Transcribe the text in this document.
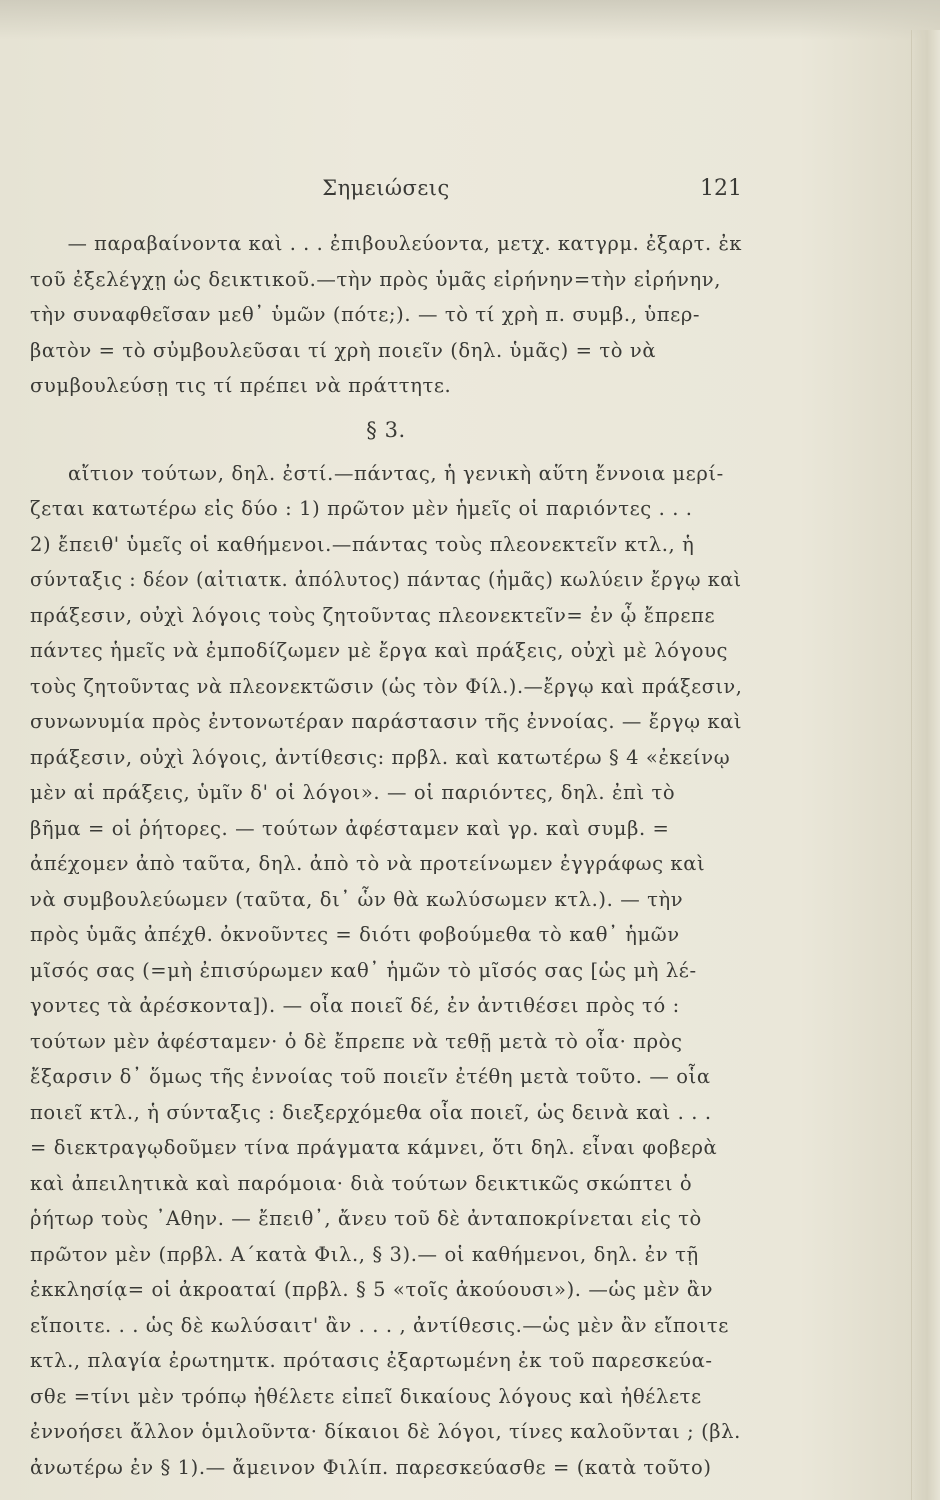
Σημειώσεις	121

— παραβαίνοντα καὶ . . . ἐπιβουλεύοντα, μετχ. κατγρμ. ἐξαρτ. ἐκ
τοῦ ἐξελέγχῃ ὡς δεικτικοῦ.—τὴν πρὸς ὑμᾶς εἰρήνην=τὴν εἰρήνην,
τὴν συναφθεῖσαν μεθ᾽ ὑμῶν (πότε;). — τὸ τί χρὴ π. συμβ., ὑπερ-
βατὸν = τὸ σὐμβουλεῦσαι τί χρὴ ποιεῖν (δηλ. ὑμᾶς) = τὸ νὰ
συμβουλεύσῃ τις τί πρέπει νὰ πράττητε.

§ 3.

αἴτιον τούτων, δηλ. ἐστί.—πάντας, ἡ γενικὴ αὕτη ἔννοια μερί-
ζεται κατωτέρω εἰς δύο : 1) πρῶτον μὲν ἡμεῖς οἱ παριόντες . . .
2) ἔπειθ' ὑμεῖς οἱ καθήμενοι.—πάντας τοὺς πλεονεκτεῖν κτλ., ἡ
σύνταξις : δέον (αἰτιατκ. ἀπόλυτος) πάντας (ἡμᾶς) κωλύειν ἔργῳ καὶ
πράξεσιν, οὐχὶ λόγοις τοὺς ζητοῦντας πλεονεκτεῖν= ἐν ᾧ ἔπρεπε
πάντες ἡμεῖς νὰ ἐμποδίζωμεν μὲ ἔργα καὶ πράξεις, οὐχὶ μὲ λόγους
τοὺς ζητοῦντας νὰ πλεονεκτῶσιν (ὡς τὸν Φίλ.).—ἔργῳ καὶ πράξεσιν,
συνωνυμία πρὸς ἐντονωτέραν παράστασιν τῆς ἐννοίας. — ἔργῳ καὶ
πράξεσιν, οὐχὶ λόγοις, ἀντίθεσις: πρβλ. καὶ κατωτέρω § 4 «ἐκείνῳ
μὲν αἱ πράξεις, ὑμῖν δ' οἱ λόγοι». — οἱ παριόντες, δηλ. ἐπὶ τὸ
βῆμα = οἱ ῥήτορες. — τούτων ἀφέσταμεν καὶ γρ. καὶ συμβ. =
ἀπέχομεν ἀπὸ ταῦτα, δηλ. ἀπὸ τὸ νὰ προτείνωμεν ἐγγράφως καὶ
νὰ συμβουλεύωμεν (ταῦτα, δι᾽ ὧν θὰ κωλύσωμεν κτλ.). — τὴν
πρὸς ὑμᾶς ἀπέχθ. ὀκνοῦντες = διότι φοβούμεθα τὸ καθ᾽ ἡμῶν
μῖσός σας (=μὴ ἐπισύρωμεν καθ᾽ ἡμῶν τὸ μῖσός σας [ὡς μὴ λέ-
γοντες τὰ ἀρέσκοντα]). — οἷα ποιεῖ δέ, ἐν ἀντιθέσει πρὸς τό :
τούτων μὲν ἀφέσταμεν· ὁ δὲ ἔπρεπε νὰ τεθῇ μετὰ τὸ οἷα· πρὸς
ἔξαρσιν δ᾽ ὅμως τῆς ἐννοίας τοῦ ποιεῖν ἐτέθη μετὰ τοῦτο. — οἷα
ποιεῖ κτλ., ἡ σύνταξις : διεξερχόμεθα οἷα ποιεῖ, ὡς δεινὰ καὶ . . .
= διεκτραγῳδοῦμεν τίνα πράγματα κάμνει, ὅτι δηλ. εἶναι φοβερὰ
καὶ ἀπειλητικὰ καὶ παρόμοια· διὰ τούτων δεικτικῶς σκώπτει ὁ
ῥήτωρ τοὺς ᾽Αθην. — ἔπειθ᾽, ἄνευ τοῦ δὲ ἀνταποκρίνεται εἰς τὸ
πρῶτον μὲν (πρβλ. Α´κατὰ Φιλ., § 3).— οἱ καθήμενοι, δηλ. ἐν τῇ
ἐκκλησίᾳ= οἱ ἀκροαταί (πρβλ. § 5 «τοῖς ἀκούουσι»). —ὡς μὲν ἂν
εἴποιτε. . . ὡς δὲ κωλύσαιτ' ἂν . . . , ἀντίθεσις.—ὡς μὲν ἂν εἴποιτε
κτλ., πλαγία ἐρωτημτκ. πρότασις ἐξαρτωμένη ἐκ τοῦ παρεσκεύα-
σθε =τίνι μὲν τρόπῳ ἠθέλετε εἰπεῖ δικαίους λόγους καὶ ἠθέλετε
ἐννοήσει ἄλλον ὁμιλοῦντα· δίκαιοι δὲ λόγοι, τίνες καλοῦνται ; (βλ.
ἀνωτέρω ἐν § 1).— ἄμεινον Φιλίπ. παρεσκεύασθε = (κατὰ τοῦτο)
